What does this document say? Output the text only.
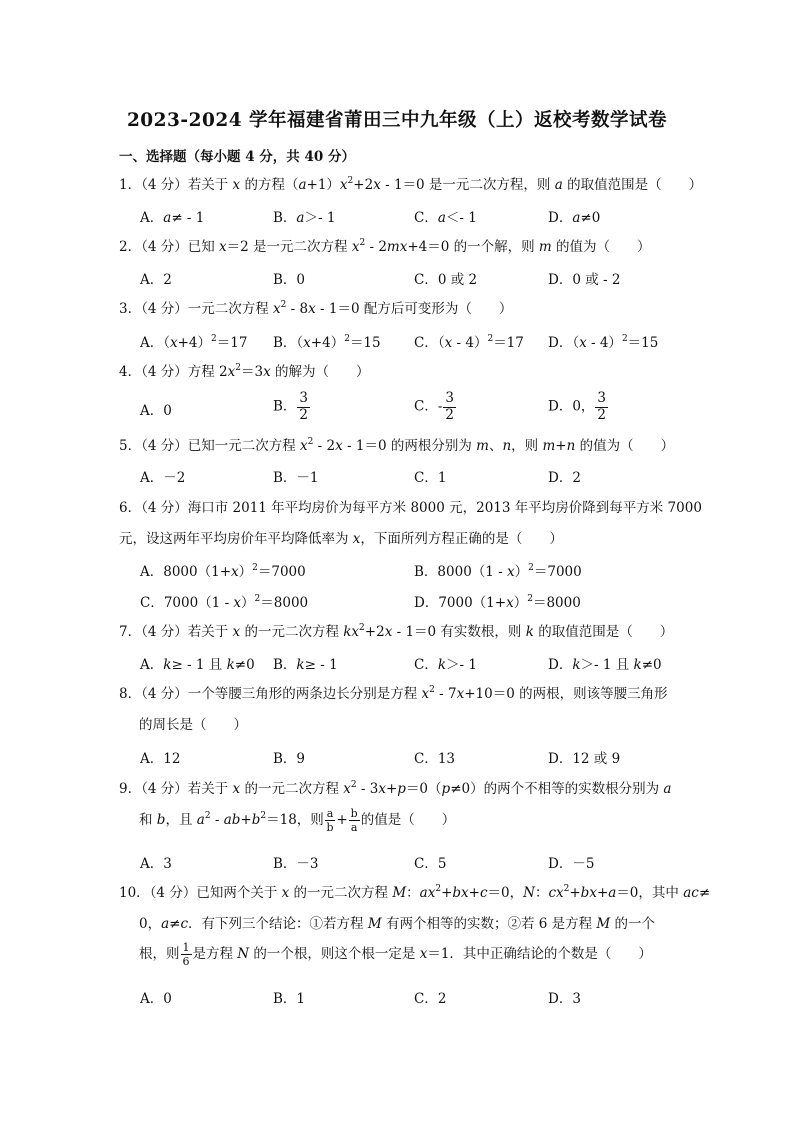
2023-2024 学年福建省莆田三中九年级（上）返校考数学试卷
一、选择题（每小题 4 分，共 40 分）
1．（4 分）若关于 x 的方程$(a+1)x^2+2x - 1=0$ 是一元二次方程，则 a 的取值范围是（　　）
A．a≠ - 1	B．a＞- 1	C．a＜- 1	D．a≠0
2．（4 分）已知 x＝2 是一元二次方程 $x^2 - 2mx+4=0$ 的一个解，则 m 的值为（　　）
A．2	B．0	C．0 或 2	D．0 或 - 2
3．（4 分）一元二次方程 $x^2 - 8x - 1=0$ 配方后可变形为（　　）
A．$(x+4)^2=17$ B．$(x+4)^2=15$ C．（x - 4）$^2$＝17 D．（x - 4）$^2$＝15
4．（4 分）方程 $2x^2=3x$ 的解为（　　）
A．0	B． $\frac{3}{2}$	C．- $\frac{3}{2}$	D．0， $\frac{3}{2}$
5．（4 分）已知一元二次方程 $x^2 - 2x - 1=0$ 的两根分别为 m、n，则 m+n 的值为（　　）
A．－2	B．－1	C．1	D．2
6．（4 分）海口市 2011 年平均房价为每平方米 8000 元，2013 年平均房价降到每平方米 7000
元，设这两年平均房价年平均降低率为 x，下面所列方程正确的是（　　）
A．$8000(1+x)^2=7000$	B．8000（1 - x）$^2$＝7000
C．7000（1 - x）$^2$＝8000	D．$7000(1+x)^2=8000$
7．（4 分）若关于 x 的一元二次方程 $kx^2+2x - 1=0$ 有实数根，则 k 的取值范围是（　　）
A．k≥ - 1 且 k≠0 B．k≥ - 1	C．k＞- 1	D．k＞- 1 且 k≠0
8．（4 分）一个等腰三角形的两条边长分别是方程 $x^2 - 7x+10=0$ 的两根，则该等腰三角形
的周长是（　　）
A．12	B．9	C．13	D．12 或 9
9．（4 分）若关于 x 的一元二次方程 $x^2 - 3x+p=0(p\ne 0)$的两个不相等的实数根分别为 a
和 b，且 $a^2 - ab+b^2=18$，则 $\frac{a}{b} + \frac{b}{a}$ 的值是（　　）
A．3	B．－3	C．5	D．－5
10．（4 分）已知两个关于 x 的一元二次方程 M：$ax^2+bx+c=0$，N：$cx^2+bx+a=0$，其中 ac≠
0，a≠c．有下列三个结论：①若方程 M 有两个相等的实数；②若 6 是方程 M 的一个
根，则 $\frac{1}{6}$ 是方程 N 的一个根，则这个根一定是 x＝1．其中正确结论的个数是（　　）
A．0	B．1	C．2	D．3
